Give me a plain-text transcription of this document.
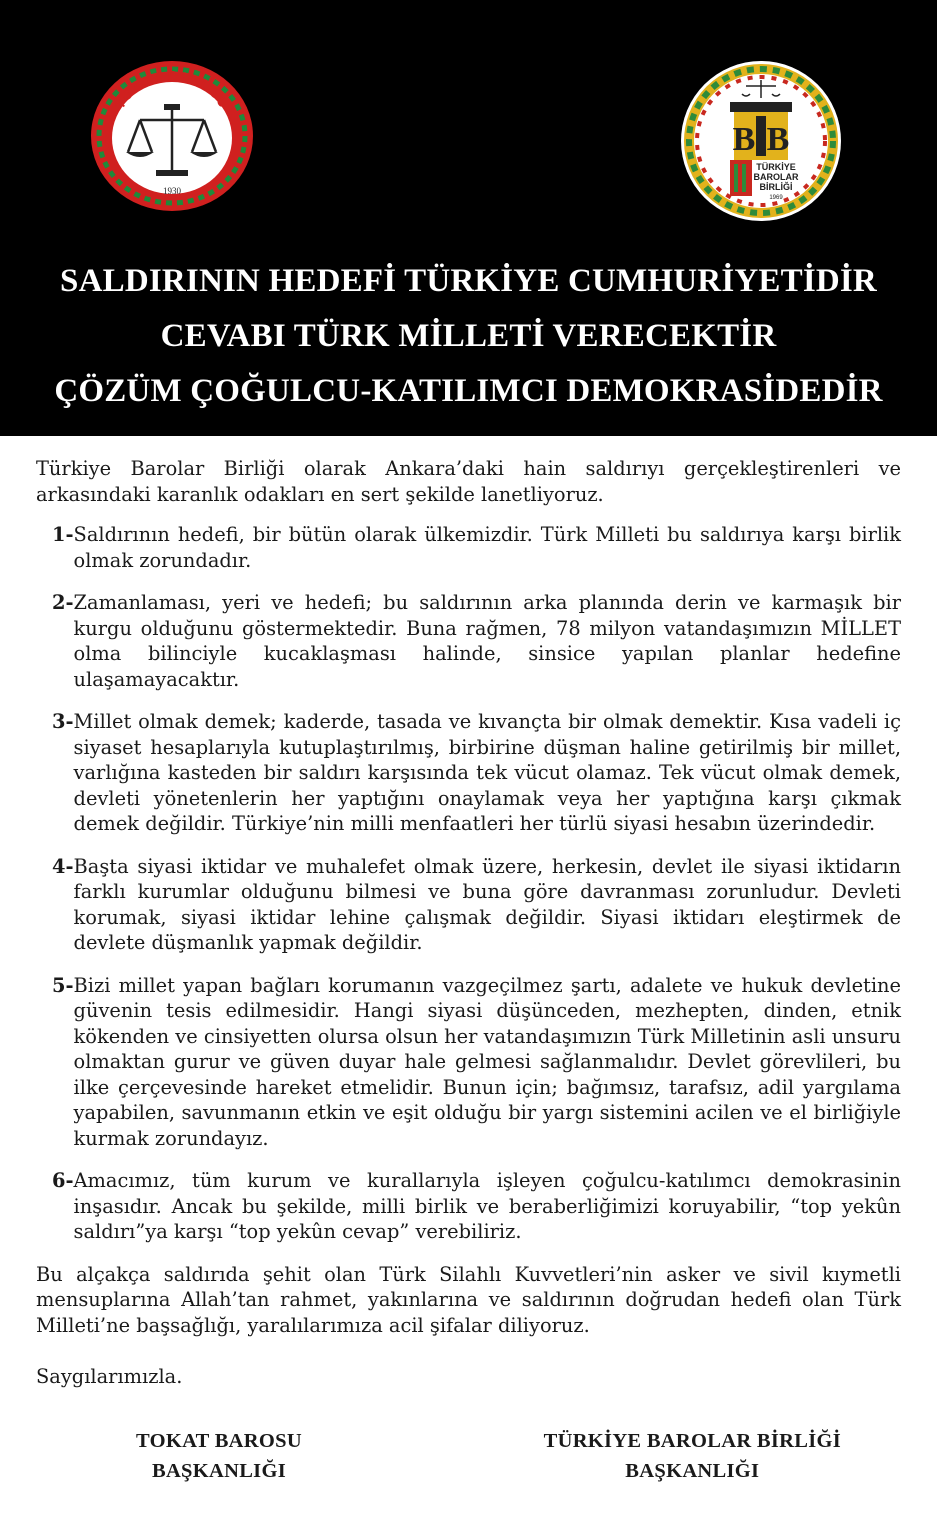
TOKAT BAROSU
1930
B B
TÜRKİYE
BAROLAR
BİRLİĞİ
1969
SALDIRININ HEDEFİ TÜRKİYE CUMHURİYETİDİR
CEVABI TÜRK MİLLETİ VERECEKTİR
ÇÖZÜM ÇOĞULCU-KATILIMCI DEMOKRASİDEDİR

Türkiye Barolar Birliği olarak Ankara’daki hain saldırıyı gerçekleştirenleri ve arkasındaki karanlık odakları en sert şekilde lanetliyoruz.

1- Saldırının hedefi, bir bütün olarak ülkemizdir. Türk Milleti bu saldırıya karşı birlik olmak zorundadır.
2- Zamanlaması, yeri ve hedefi; bu saldırının arka planında derin ve karmaşık bir kurgu olduğunu göstermektedir. Buna rağmen, 78 milyon vatandaşımızın MİLLET olma bilinciyle kucaklaşması halinde, sinsice yapılan planlar hedefine ulaşamayacaktır.
3- Millet olmak demek; kaderde, tasada ve kıvançta bir olmak demektir. Kısa vadeli iç siyaset hesaplarıyla kutuplaştırılmış, birbirine düşman haline getirilmiş bir millet, varlığına kasteden bir saldırı karşısında tek vücut olamaz. Tek vücut olmak demek, devleti yönetenlerin her yaptığını onaylamak veya her yaptığına karşı çıkmak demek değildir. Türkiye’nin milli menfaatleri her türlü siyasi hesabın üzerindedir.
4- Başta siyasi iktidar ve muhalefet olmak üzere, herkesin, devlet ile siyasi iktidarın farklı kurumlar olduğunu bilmesi ve buna göre davranması zorunludur. Devleti korumak, siyasi iktidar lehine çalışmak değildir. Siyasi iktidarı eleştirmek de devlete düşmanlık yapmak değildir.
5- Bizi millet yapan bağları korumanın vazgeçilmez şartı, adalete ve hukuk devletine güvenin tesis edilmesidir. Hangi siyasi düşünceden, mezhepten, dinden, etnik kökenden ve cinsiyetten olursa olsun her vatandaşımızın Türk Milletinin asli unsuru olmaktan gurur ve güven duyar hale gelmesi sağlanmalıdır. Devlet görevlileri, bu ilke çerçevesinde hareket etmelidir. Bunun için; bağımsız, tarafsız, adil yargılama yapabilen, savunmanın etkin ve eşit olduğu bir yargı sistemini acilen ve el birliğiyle kurmak zorundayız.
6- Amacımız, tüm kurum ve kurallarıyla işleyen çoğulcu-katılımcı demokrasinin inşasıdır. Ancak bu şekilde, milli birlik ve beraberliğimizi koruyabilir, “top yekûn saldırı”ya karşı “top yekûn cevap” verebiliriz.

Bu alçakça saldırıda şehit olan Türk Silahlı Kuvvetleri’nin asker ve sivil kıymetli mensuplarına Allah’tan rahmet, yakınlarına ve saldırının doğrudan hedefi olan Türk Milleti’ne başsağlığı, yaralılarımıza acil şifalar diliyoruz.

Saygılarımızla.

TOKAT BAROSU
BAŞKANLIĞI
TÜRKİYE BAROLAR BİRLİĞİ
BAŞKANLIĞI
